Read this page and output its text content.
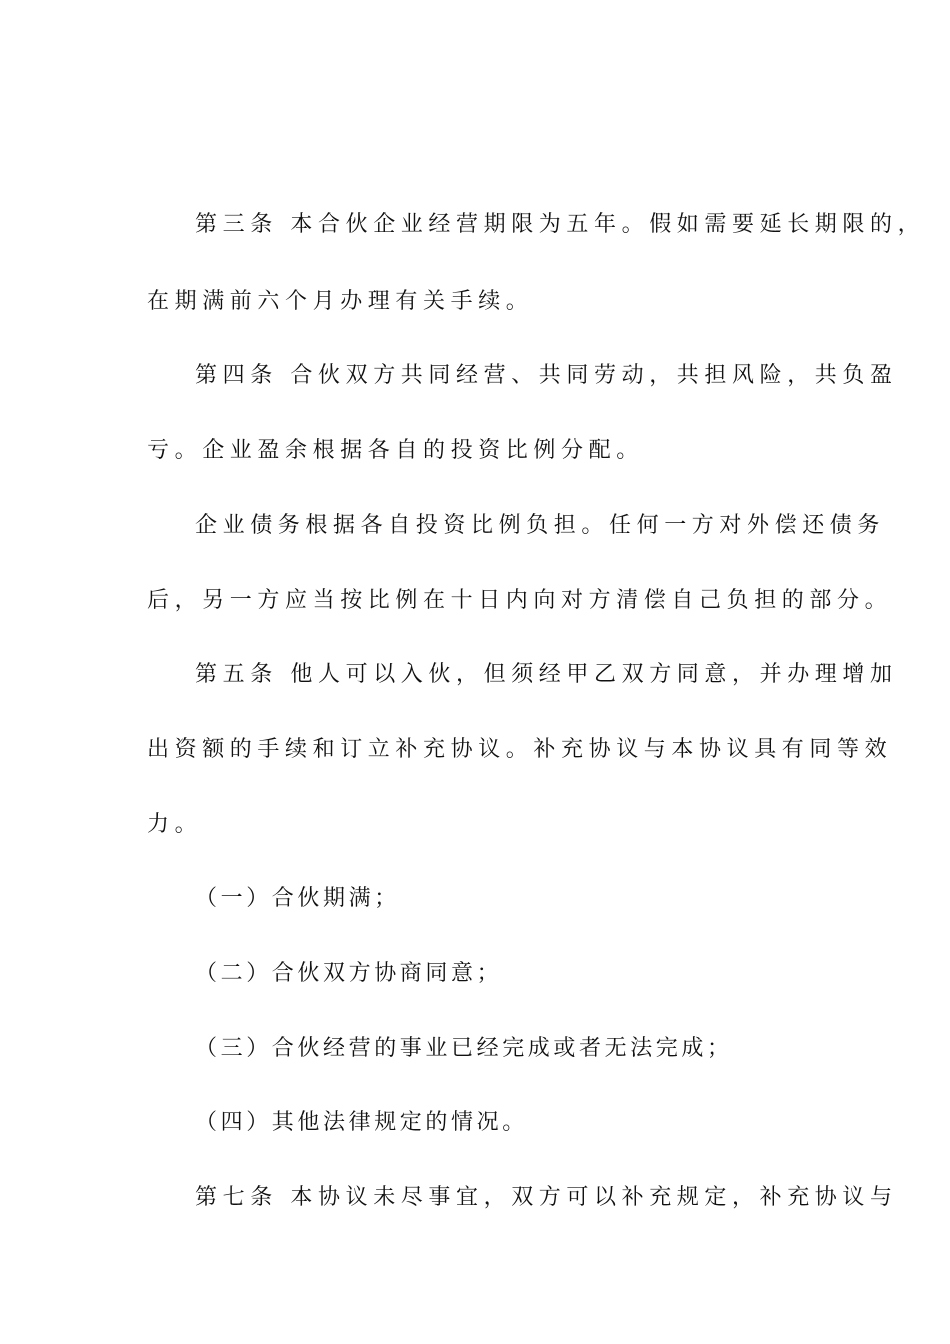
第三条 本合伙企业经营期限为五年。假如需要延长期限的，
在期满前六个月办理有关手续。
第四条 合伙双方共同经营、共同劳动，共担风险，共负盈
亏。企业盈余根据各自的投资比例分配。
企业债务根据各自投资比例负担。任何一方对外偿还债务
后，另一方应当按比例在十日内向对方清偿自己负担的部分。
第五条 他人可以入伙，但须经甲乙双方同意，并办理增加
出资额的手续和订立补充协议。补充协议与本协议具有同等效
力。
（一）合伙期满；
（二）合伙双方协商同意；
（三）合伙经营的事业已经完成或者无法完成；
（四）其他法律规定的情况。
第七条 本协议未尽事宜，双方可以补充规定，补充协议与
